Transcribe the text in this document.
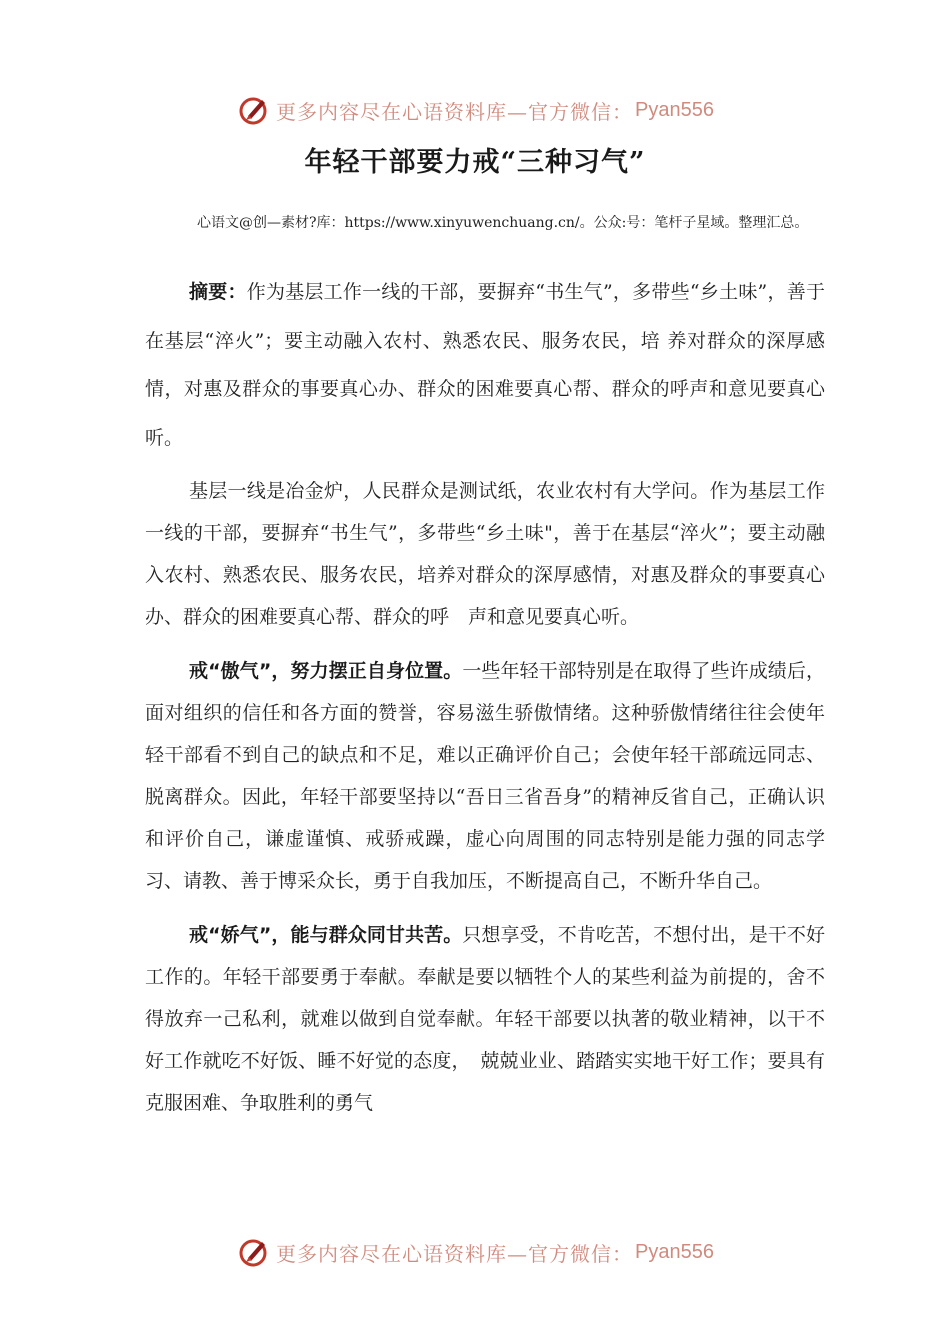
更多内容尽在心语资料库—官方微信： Pyan556
年轻干部要力戒“三种习气”
心语文@创—素材?库：https://www.xinyuwenchuang.cn/。公众:号：笔杆子星域。整理汇总。

摘要：作为基层工作一线的干部，要摒弃“书生气”，多带些“乡土味”，善于在基层“淬火”；要主动融入农村、熟悉农民、服务农民，培 养对群众的深厚感情，对惠及群众的事要真心办、群众的困难要真心帮、群众的呼声和意见要真心听。

基层一线是冶金炉，人民群众是测试纸，农业农村有大学问。作为基层工作一线的干部，要摒弃“书生气”，多带些“乡土味"，善于在基层“淬火”；要主动融入农村、熟悉农民、服务农民，培养对群众的深厚感情，对惠及群众的事要真心办、群众的困难要真心帮、群众的呼　声和意见要真心听。

戒“傲气”，努力摆正自身位置。一些年轻干部特别是在取得了些许成绩后，面对组织的信任和各方面的赞誉，容易滋生骄傲情绪。这种骄傲情绪往往会使年轻干部看不到自己的缺点和不足，难以正确评价自己；会使年轻干部疏远同志、脱离群众。因此，年轻干部要坚持以“吾日三省吾身”的精神反省自己，正确认识和评价自己，谦虚谨慎、戒骄戒躁，虚心向周围的同志特别是能力强的同志学习、请教、善于博采众长，勇于自我加压，不断提高自己，不断升华自己。

戒“娇气”，能与群众同甘共苦。只想享受，不肯吃苦，不想付出，是干不好工作的。年轻干部要勇于奉献。奉献是要以牺牲个人的某些利益为前提的，舍不得放弃一己私利，就难以做到自觉奉献。年轻干部要以执著的敬业精神，以干不好工作就吃不好饭、睡不好觉的态度，　兢兢业业、踏踏实实地干好工作；要具有克服困难、争取胜利的勇气

更多内容尽在心语资料库—官方微信： Pyan556
